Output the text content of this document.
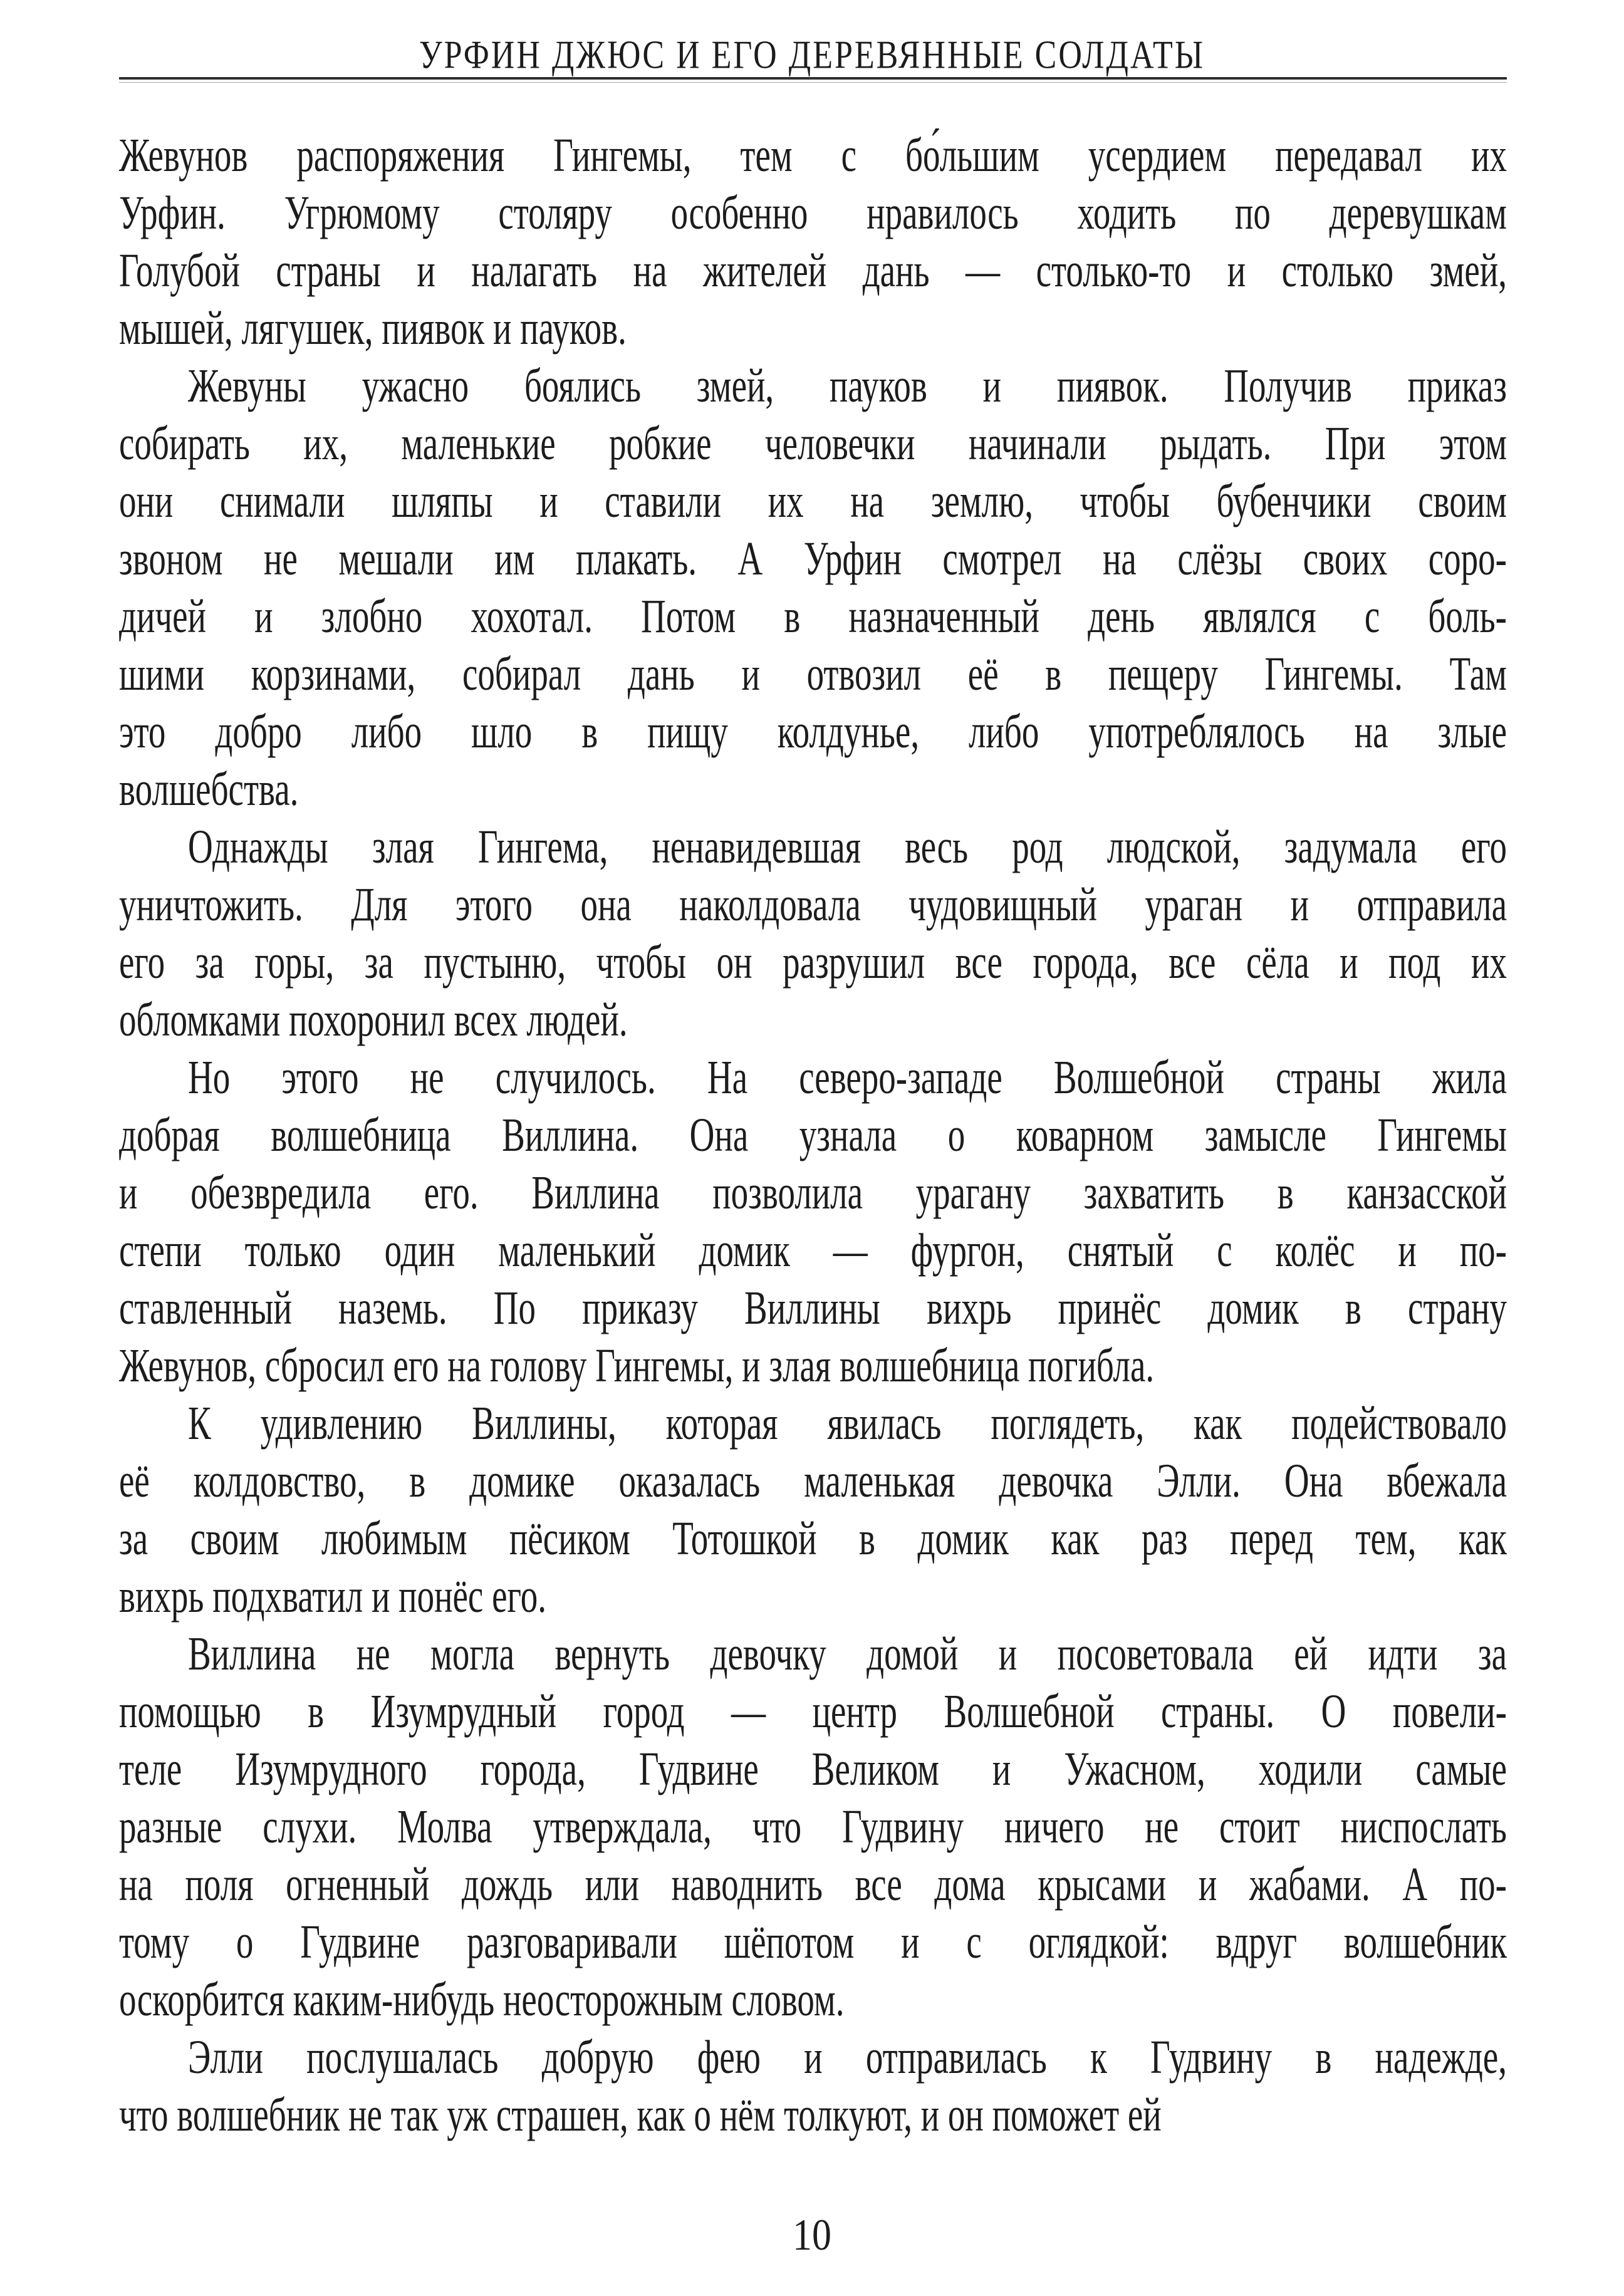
УРФИН ДЖЮС И ЕГО ДЕРЕВЯННЫЕ СОЛДАТЫ
Жевунов распоряжения Гингемы, тем с бо́льшим усердием передавал их
Урфин. Угрюмому столяру особенно нравилось ходить по деревушкам
Голубой страны и налагать на жителей дань — столько-то и столько змей,
мышей, лягушек, пиявок и пауков.
Жевуны ужасно боялись змей, пауков и пиявок. Получив приказ
собирать их, маленькие робкие человечки начинали рыдать. При этом
они снимали шляпы и ставили их на землю, чтобы бубенчики своим
звоном не мешали им плакать. А Урфин смотрел на слёзы своих соро-
дичей и злобно хохотал. Потом в назначенный день являлся с боль-
шими корзинами, собирал дань и отвозил её в пещеру Гингемы. Там
это добро либо шло в пищу колдунье, либо употреблялось на злые
волшебства.
Однажды злая Гингема, ненавидевшая весь род людской, задумала его
уничтожить. Для этого она наколдовала чудовищный ураган и отправила
его за горы, за пустыню, чтобы он разрушил все города, все сёла и под их
обломками похоронил всех людей.
Но этого не случилось. На северо-западе Волшебной страны жила
добрая волшебница Виллина. Она узнала о коварном замысле Гингемы
и обезвредила его. Виллина позволила урагану захватить в канзасской
степи только один маленький домик — фургон, снятый с колёс и по-
ставленный наземь. По приказу Виллины вихрь принёс домик в страну
Жевунов, сбросил его на голову Гингемы, и злая волшебница погибла.
К удивлению Виллины, которая явилась поглядеть, как подействовало
её колдовство, в домике оказалась маленькая девочка Элли. Она вбежала
за своим любимым пёсиком Тотошкой в домик как раз перед тем, как
вихрь подхватил и понёс его.
Виллина не могла вернуть девочку домой и посоветовала ей идти за
помощью в Изумрудный город — центр Волшебной страны. О повели-
теле Изумрудного города, Гудвине Великом и Ужасном, ходили самые
разные слухи. Молва утверждала, что Гудвину ничего не стоит ниспослать
на поля огненный дождь или наводнить все дома крысами и жабами. А по-
тому о Гудвине разговаривали шёпотом и с оглядкой: вдруг волшебник
оскорбится каким-нибудь неосторожным словом.
Элли послушалась добрую фею и отправилась к Гудвину в надежде,
что волшебник не так уж страшен, как о нём толкуют, и он поможет ей
10
